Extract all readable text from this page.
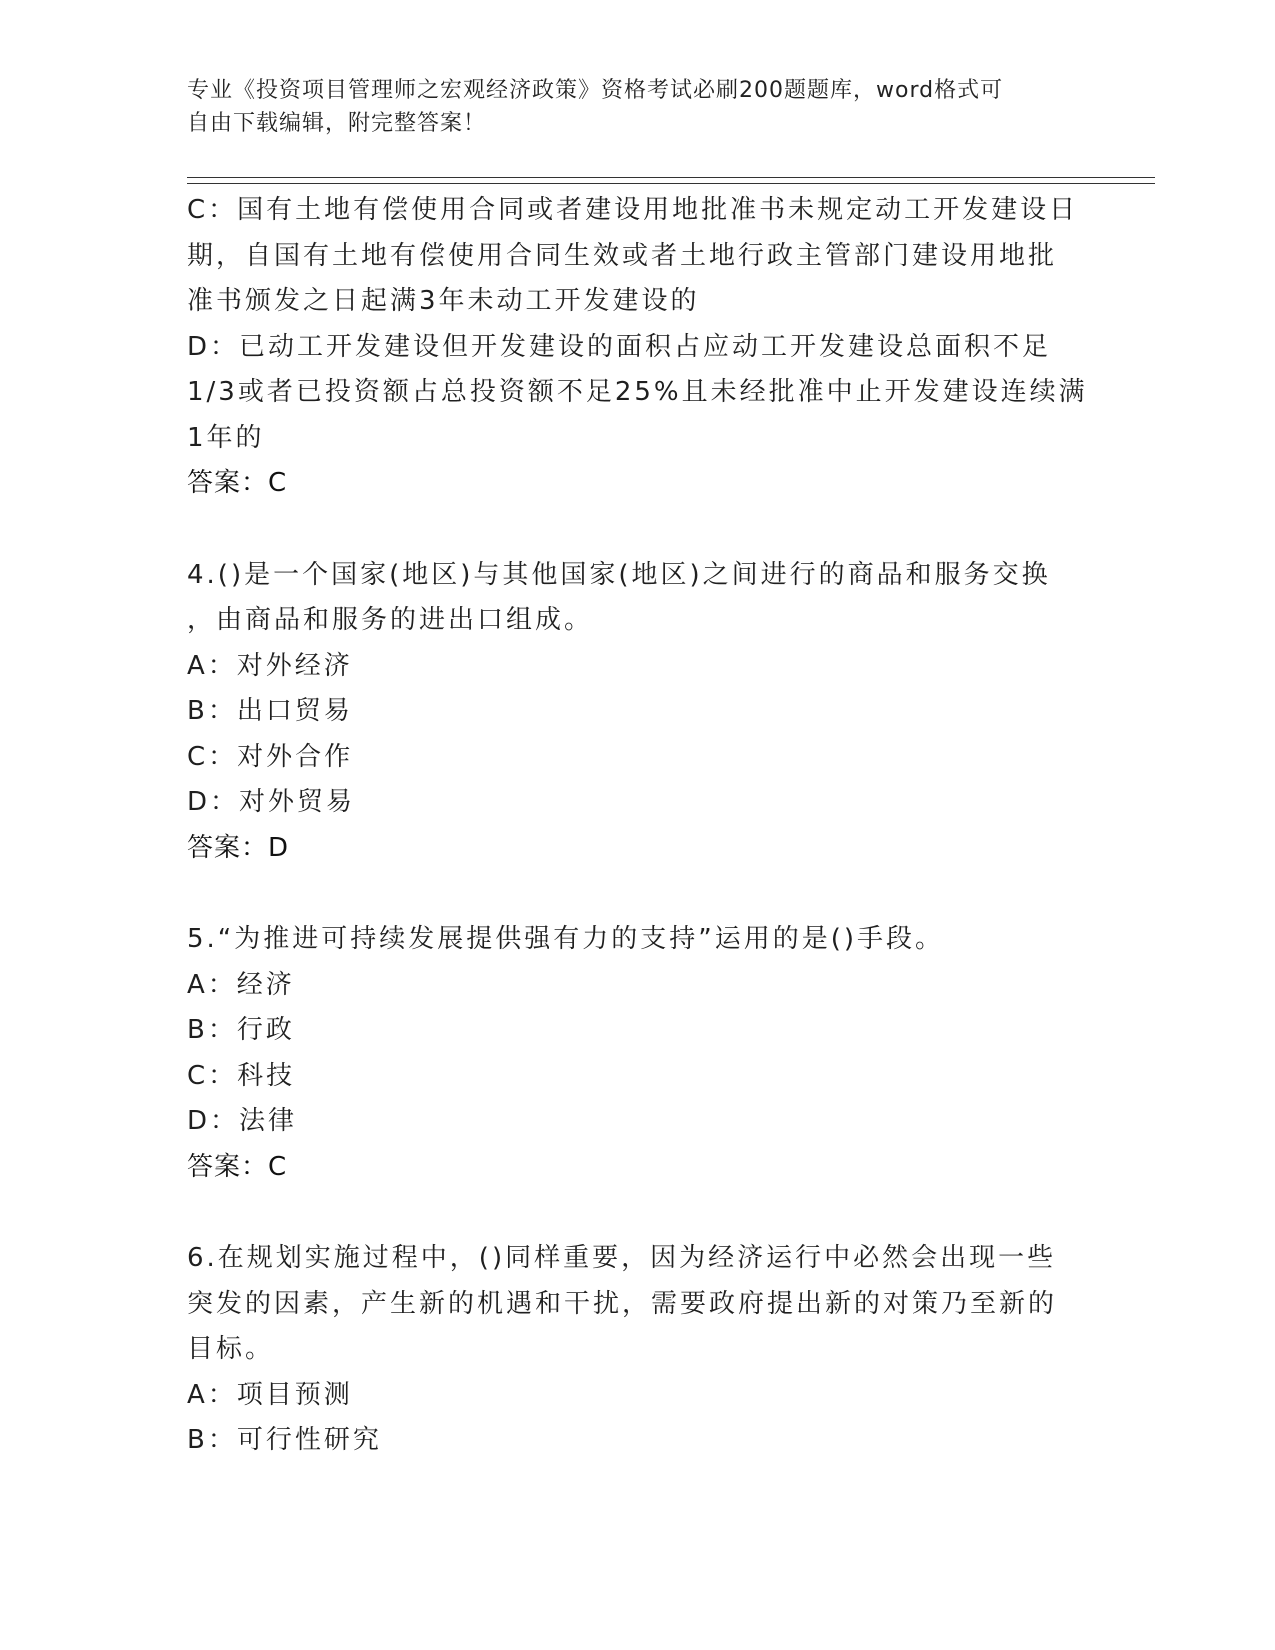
专业《投资项目管理师之宏观经济政策》资格考试必刷200题题库，word格式可
自由下载编辑，附完整答案！
C：国有土地有偿使用合同或者建设用地批准书未规定动工开发建设日
期，自国有土地有偿使用合同生效或者土地行政主管部门建设用地批
准书颁发之日起满3年未动工开发建设的
D：已动工开发建设但开发建设的面积占应动工开发建设总面积不足
1/3或者已投资额占总投资额不足25%且未经批准中止开发建设连续满
1年的
答案：C
4.()是一个国家(地区)与其他国家(地区)之间进行的商品和服务交换
，由商品和服务的进出口组成。
A：对外经济
B：出口贸易
C：对外合作
D：对外贸易
答案：D
5.“为推进可持续发展提供强有力的支持”运用的是()手段。
A：经济
B：行政
C：科技
D：法律
答案：C
6.在规划实施过程中，()同样重要，因为经济运行中必然会出现一些
突发的因素，产生新的机遇和干扰，需要政府提出新的对策乃至新的
目标。
A：项目预测
B：可行性研究
